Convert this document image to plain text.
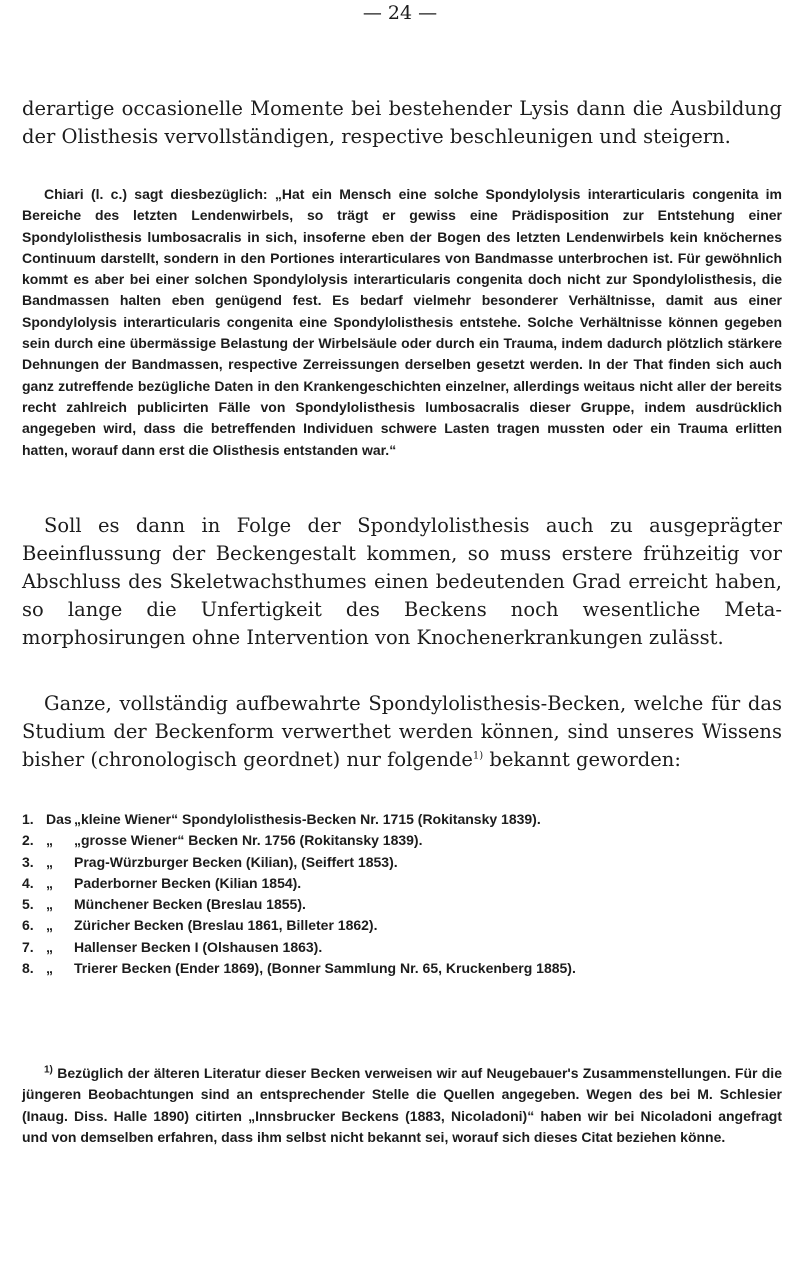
— 24 —

derartige occasionelle Momente bei bestehender Lysis dann die Ausbildung der Olisthesis vervollständigen, respective beschleunigen und steigern.

Chiari (l. c.) sagt diesbezüglich: „Hat ein Mensch eine solche Spondylolysis interarticularis congenita im Bereiche des letzten Lendenwirbels, so trägt er gewiss eine Prädisposition zur Entstehung einer Spondylolisthesis lumbosacralis in sich, insoferne eben der Bogen des letzten Lendenwirbels kein knöchernes Continuum darstellt, sondern in den Portiones interarticulares von Bandmasse unterbrochen ist. Für gewöhnlich kommt es aber bei einer solchen Spondylolysis interarticularis congenita doch nicht zur Spondylolisthesis, die Bandmassen halten eben genügend fest. Es bedarf vielmehr besonderer Verhältnisse, damit aus einer Spondylolysis interarticularis congenita eine Spondylolisthesis entstehe. Solche Verhältnisse können gegeben sein durch eine übermässige Belastung der Wirbelsäule oder durch ein Trauma, indem dadurch plötzlich stärkere Dehnungen der Bandmassen, respective Zerreissungen derselben gesetzt werden. In der That finden sich auch ganz zutreffende bezügliche Daten in den Krankengeschichten einzelner, allerdings weitaus nicht aller der bereits recht zahlreich publicirten Fälle von Spondylolisthesis lumbosacralis dieser Gruppe, indem ausdrücklich angegeben wird, dass die betreffenden Individuen schwere Lasten tragen mussten oder ein Trauma erlitten hatten, worauf dann erst die Olisthesis entstanden war.“

Soll es dann in Folge der Spondylolisthesis auch zu ausgeprägter Beeinflussung der Beckengestalt kommen, so muss erstere frühzeitig vor Abschluss des Skeletwachsthumes einen bedeutenden Grad erreicht haben, so lange die Unfertigkeit des Beckens noch wesentliche Metamorphosirungen ohne Intervention von Knochenerkrankungen zulässt.

Ganze, vollständig aufbewahrte Spondylolisthesis-Becken, welche für das Studium der Beckenform verwerthet werden können, sind unseres Wissens bisher (chronologisch geordnet) nur folgende$^{1)}$ bekannt geworden:

1. Das „kleine Wiener“ Spondylolisthesis-Becken Nr. 1715 (Rokitansky 1839).
2. „ „grosse Wiener“ Becken Nr. 1756 (Rokitansky 1839).
3. „ Prag-Würzburger Becken (Kilian), (Seiffert 1853).
4. „ Paderborner Becken (Kilian 1854).
5. „ Münchener Becken (Breslau 1855).
6. „ Züricher Becken (Breslau 1861, Billeter 1862).
7. „ Hallenser Becken I (Olshausen 1863).
8. „ Trierer Becken (Ender 1869), (Bonner Sammlung Nr. 65, Kruckenberg 1885).

$^{1)}$ Bezüglich der älteren Literatur dieser Becken verweisen wir auf Neugebauer's Zusammenstellungen. Für die jüngeren Beobachtungen sind an entsprechender Stelle die Quellen angegeben. Wegen des bei M. Schlesier (Inaug. Diss. Halle 1890) citirten „Innsbrucker Beckens (1883, Nicoladoni)“ haben wir bei Nicoladoni angefragt und von demselben erfahren, dass ihm selbst nicht bekannt sei, worauf sich dieses Citat beziehen könne.
